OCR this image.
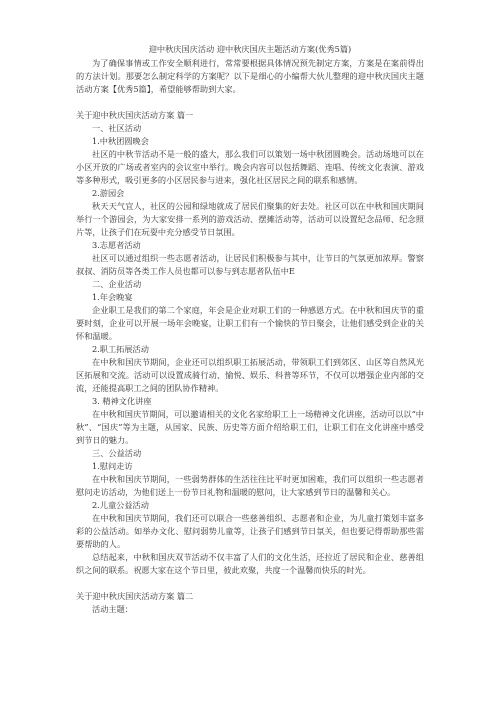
迎中秋庆国庆活动 迎中秋庆国庆主题活动方案(优秀5篇)

为了确保事情或工作安全顺利进行，常常要根据具体情况预先制定方案，方案是在案前得出的方法计划。那要怎么制定科学的方案呢？以下是细心的小编帮大伙儿整理的迎中秋庆国庆主题活动方案【优秀5篇】，希望能够帮助到大家。

关于迎中秋庆国庆活动方案 篇一

一、社区活动

1.中秋团圆晚会

社区的中秋节活动不是一般的盛大，那么我们可以策划一场中秋团圆晚会。活动场地可以在小区开放的广场或者室内的会议室中举行。晚会内容可以包括舞蹈、连唱、传统文化表演、游戏等多种形式，吸引更多的小区居民参与进来，强化社区居民之间的联系和感情。

2.游园会

秋天天气宜人，社区的公园和绿地就成了居民们聚集的好去处。社区可以在中秋和国庆期间举行一个游园会，为大家安排一系列的游戏活动、摆摊活动等，活动可以设置纪念品师、纪念照片等，让孩子们在玩耍中充分感受节日氛围。

3.志愿者活动

社区可以通过组织一些志愿者活动，让居民们积极参与其中，让节日的气氛更加浓厚。警察叔叔、消防员等各类工作人员也都可以参与到志愿者队伍中E

二、企业活动

1.年会晚宴

企业职工是我们的第二个家庭，年会是企业对职工们的一种感恩方式。在中秋和国庆节的重要时刻，企业可以开展一场年会晚宴，让职工们有一个愉快的节日聚会，让他们感受到企业的关怀和温暖。

2.职工拓展活动

在中秋和国庆节期间，企业还可以组织职工拓展活动，带领职工们到郊区、山区等自然风光区拓展和交流。活动可以设置成骑行动、愉悦、娱乐、科普等环节，不仅可以增强企业内部的交流，还能提高职工之间的团队协作精神。

3. 精神文化讲座

在中秋和国庆节期间，可以邀请相关的文化名家给职工上一场精神文化讲座，活动可以以“中秋”、“国庆”等为主题，从国家、民族、历史等方面介绍给职工们，让职工们在文化讲座中感受到节日的魅力。

三、公益活动

1.慰问走访

在中秋和国庆节期间，一些弱势群体的生活往往比平时更加困难，我们可以组织一些志愿者慰问走访活动，为他们送上一份节日礼物和温暖的慰问，让大家感到节日的温馨和关心。

2.儿童公益活动

在中秋和国庆节期间，我们还可以联合一些慈善组织、志愿者和企业，为儿童打策划丰富多彩的公益活动。如举办文化、慰问弱势儿童等，让孩子们感到节日氛关，但也要记得帮助那些需要帮助的人。

总结起来，中秋和国庆双节活动不仅丰富了人们的文化生活，还拉近了居民和企业、慈善组织之间的联系。祝愿大家在这个节日里，彼此欢聚，共度一个温馨而快乐的时光。

关于迎中秋庆国庆活动方案 篇二

活动主题：
